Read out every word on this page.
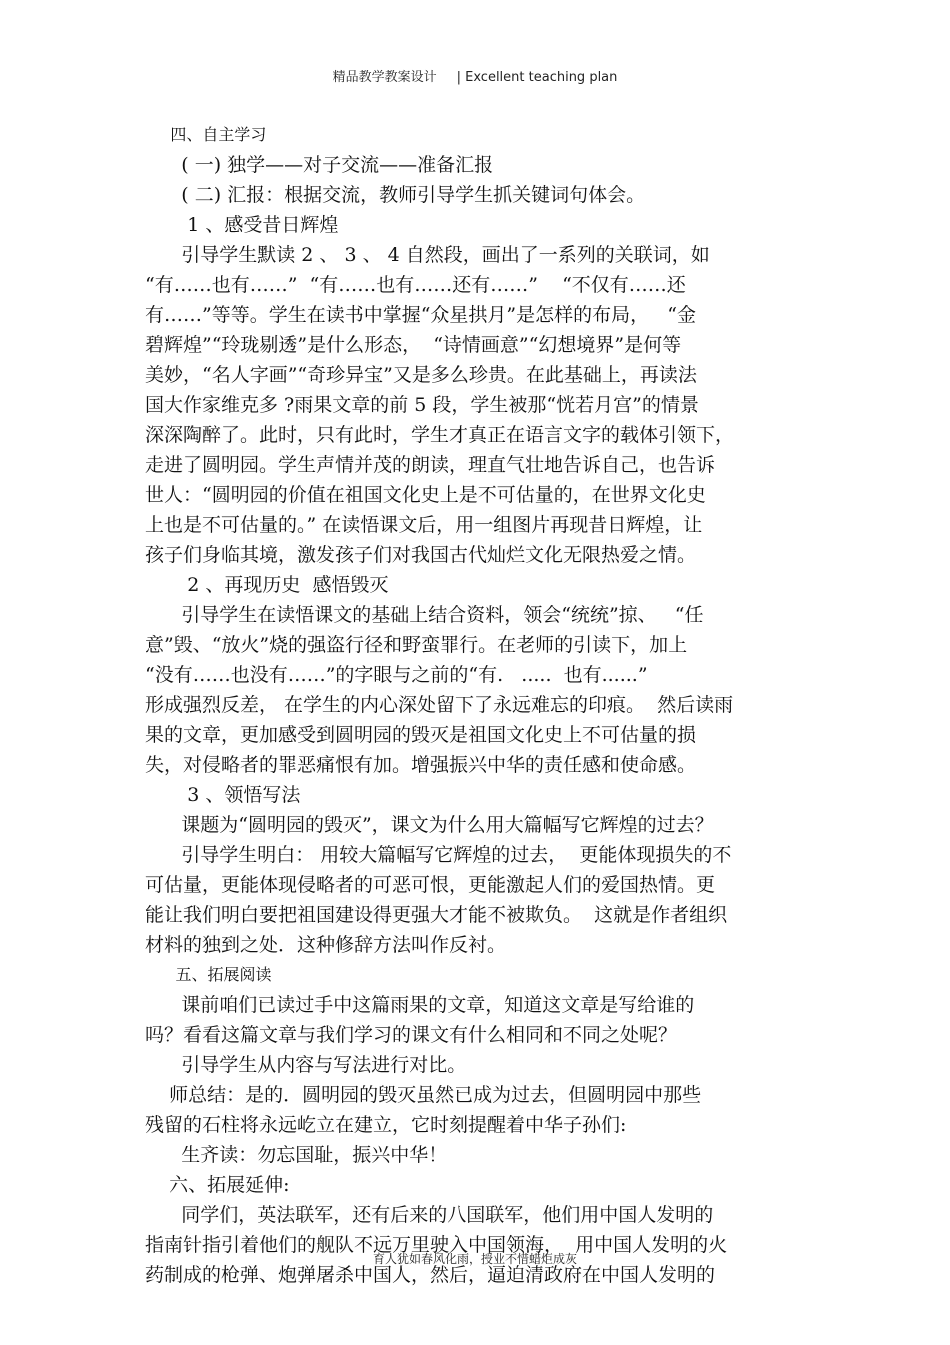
精品教学教案设计 | Excellent teaching plan
四、自主学习
( 一) 独学——对子交流——准备汇报
( 二) 汇报：根据交流，教师引导学生抓关键词句体会。
1 、感受昔日辉煌
引导学生默读 2 、 3 、 4 自然段，画出了一系列的关联词，如
“有……也有……”  “有……也有……还有……”    “不仅有……还
有……”等等。学生在读书中掌握“众星拱月”是怎样的布局，   “金
碧辉煌”“玲珑剔透”是什么形态，  “诗情画意”“幻想境界”是何等
美妙，“名人字画”“奇珍异宝”又是多么珍贵。在此基础上，再读法
国大作家维克多 ?雨果文章的前 5 段，学生被那“恍若月宫”的情景
深深陶醉了。此时，只有此时，学生才真正在语言文字的载体引领下，
走进了圆明园。学生声情并茂的朗读，理直气壮地告诉自己，也告诉
世人：“圆明园的价值在祖国文化史上是不可估量的，在世界文化史
上也是不可估量的。” 在读悟课文后，用一组图片再现昔日辉煌，让
孩子们身临其境，激发孩子们对我国古代灿烂文化无限热爱之情。
2 、再现历史  感悟毁灭
引导学生在读悟课文的基础上结合资料，领会“统统”掠、   “任
意”毁、“放火”烧的强盗行径和野蛮罪行。在老师的引读下，加上
“没有……也没有……”的字眼与之前的“有.   .....  也有......”
形成强烈反差， 在学生的内心深处留下了永远难忘的印痕。  然后读雨
果的文章，更加感受到圆明园的毁灭是祖国文化史上不可估量的损
失，对侵略者的罪恶痛恨有加。增强振兴中华的责任感和使命感。
3 、领悟写法
课题为“圆明园的毁灭”，课文为什么用大篇幅写它辉煌的过去？
引导学生明白： 用较大篇幅写它辉煌的过去，  更能体现损失的不
可估量，更能体现侵略者的可恶可恨，更能激起人们的爱国热情。更
能让我们明白要把祖国建设得更强大才能不被欺负。  这就是作者组织
材料的独到之处．这种修辞方法叫作反衬。
五、拓展阅读
课前咱们已读过手中这篇雨果的文章，知道这文章是写给谁的
吗？看看这篇文章与我们学习的课文有什么相同和不同之处呢？
引导学生从内容与写法进行对比。
师总结：是的．圆明园的毁灭虽然已成为过去，但圆明园中那些
残留的石柱将永远屹立在建立，它时刻提醒着中华子孙们:
生齐读：勿忘国耻，振兴中华！
六、拓展延伸:
同学们，英法联军，还有后来的八国联军，他们用中国人发明的
指南针指引着他们的舰队不远万里驶入中国领海，  用中国人发明的火
药制成的枪弹、炮弹屠杀中国人，然后，逼迫清政府在中国人发明的
育人犹如春风化雨，授业不惜蜡炬成灰
